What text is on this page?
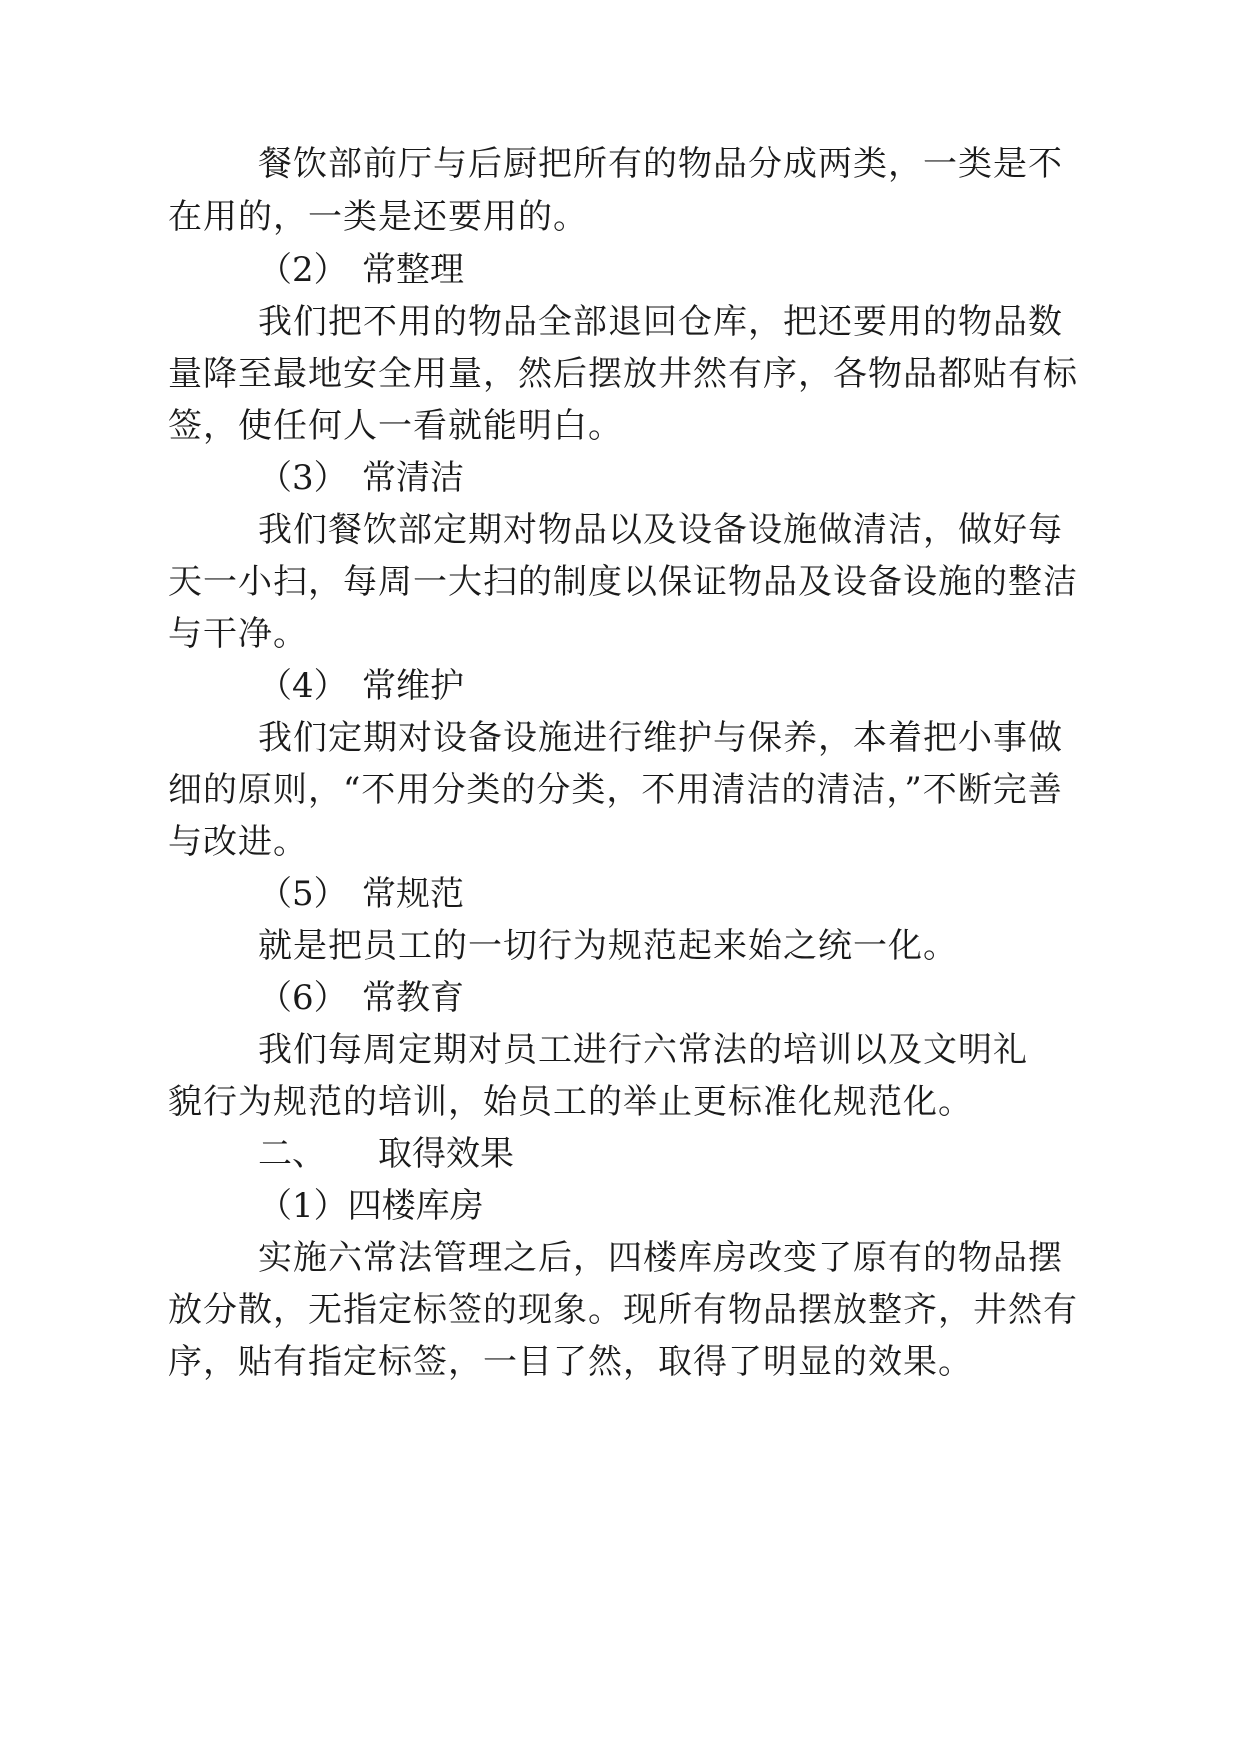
餐饮部前厅与后厨把所有的物品分成两类，一类是不
在用的，一类是还要用的。
（2） 常整理
我们把不用的物品全部退回仓库，把还要用的物品数
量降至最地安全用量，然后摆放井然有序，各物品都贴有标
签，使任何人一看就能明白。
（3） 常清洁
我们餐饮部定期对物品以及设备设施做清洁，做好每
天一小扫，每周一大扫的制度以保证物品及设备设施的整洁
与干净。
（4） 常维护
我们定期对设备设施进行维护与保养，本着把小事做
细的原则，“不用分类的分类，不用清洁的清洁，”不断完善
与改进。
（5） 常规范
就是把员工的一切行为规范起来始之统一化。
（6） 常教育
我们每周定期对员工进行六常法的培训以及文明礼
貌行为规范的培训，始员工的举止更标准化规范化。
二、 取得效果
（1）四楼库房
实施六常法管理之后，四楼库房改变了原有的物品摆
放分散，无指定标签的现象。现所有物品摆放整齐，井然有
序，贴有指定标签，一目了然，取得了明显的效果。
